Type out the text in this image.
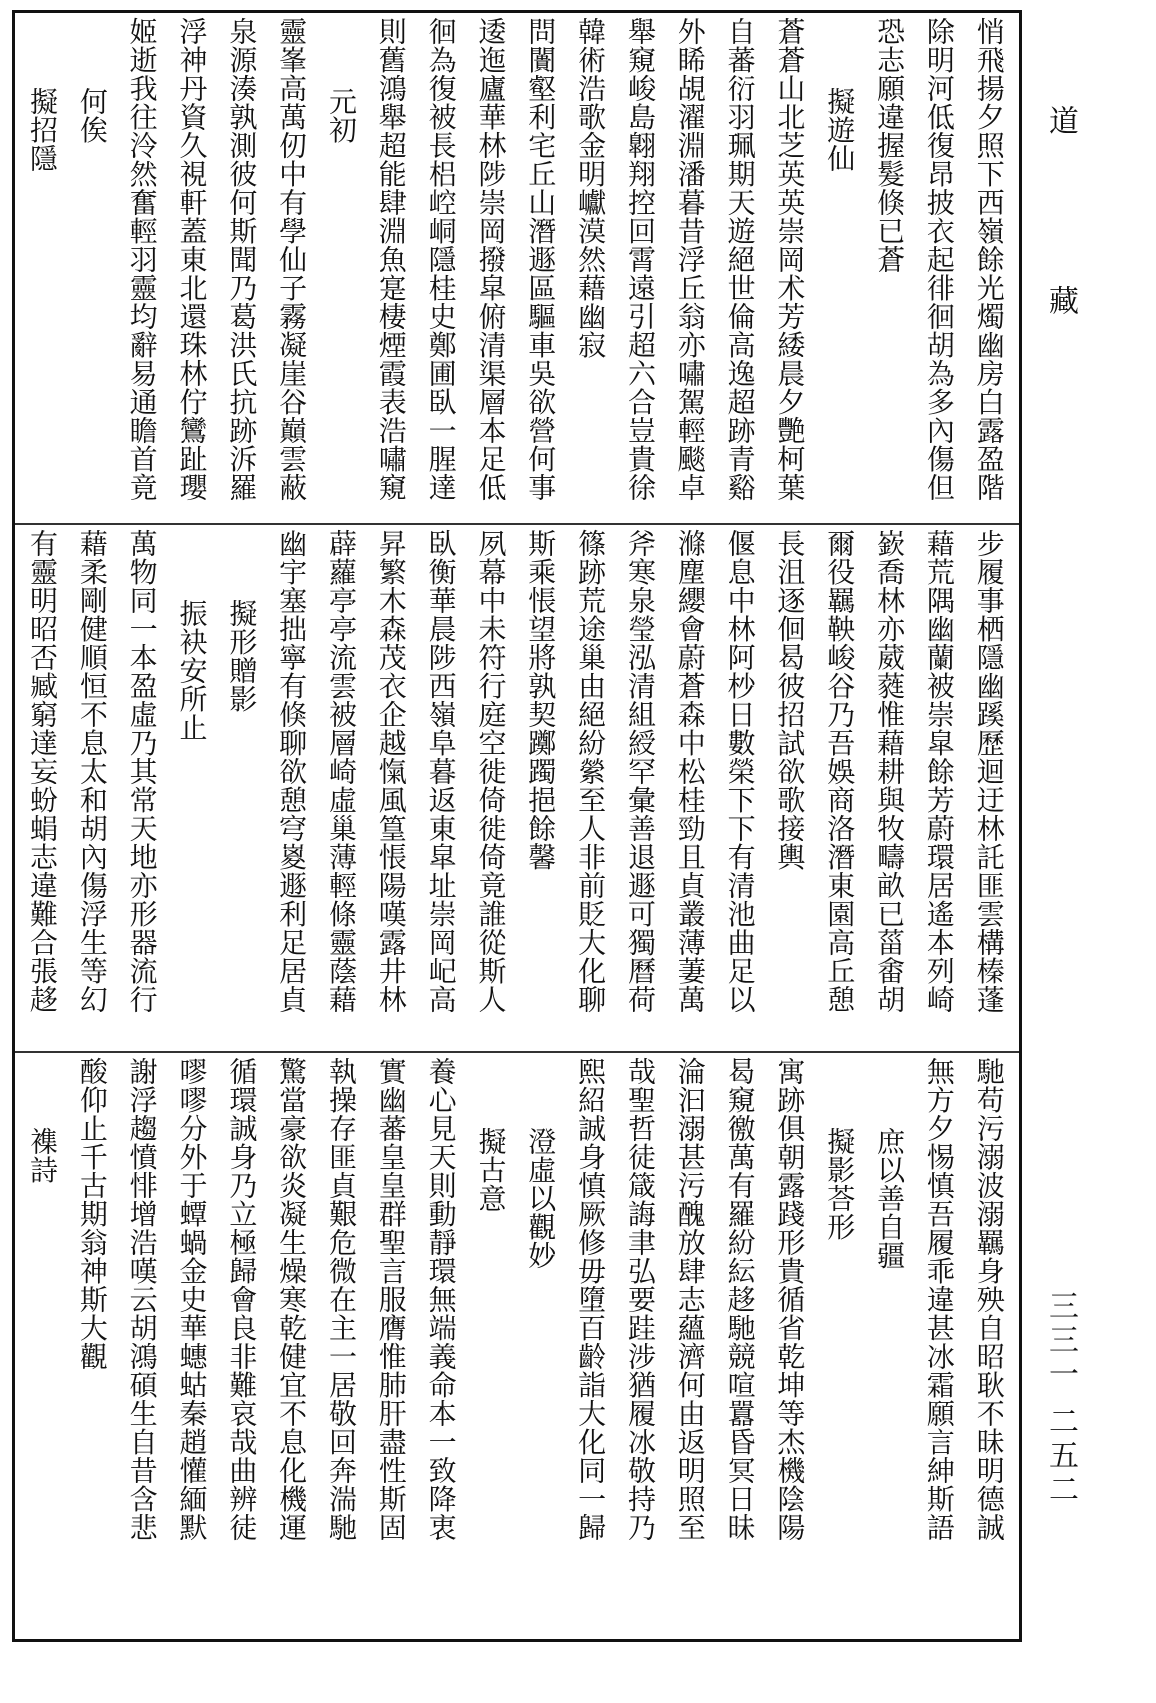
悄飛揚夕照下西嶺餘光燭幽房白露盈階
除明河低復昂披衣起徘徊胡為多內傷但
恐志願違握髮倏已蒼
擬遊仙
蒼蒼山北芝英英崇岡术芳緌晨夕艷柯葉
自蕃衍羽珮期天遊絕世倫高逸超跡青谿
外睎覘濯淵潘暮昔浮丘翁亦嘯駕輕颷卓
舉窺峻島翺翔控回霄遠引超六合豈貴徐
韓術浩歌金明巘漠然藉幽寂
問闠壑利宅丘山潛遯區驅車吳欲營何事
逶迤廬華林陟崇岡撥皐俯清渠層本足低
徊為復被長梠崆峒隱桂史鄭圃臥一腥達
則舊鴻舉超能肆淵魚寔棲煙霞表浩嘯窺
元初
靈峯高萬仞中有學仙子霧凝崖谷巔雲蔽
泉源湊孰測彼何斯聞乃葛洪氏抗跡泝羅
浮神丹資久視軒蓋東北還珠林佇鸞趾瓔
姬逝我往泠然奮輕羽靈均辭易通瞻首竟
何俟
擬招隱
步履事栖隱幽蹊歷迴迂林託匪雲構榛蓬
藉荒隅幽蘭被崇皐餘芳蔚環居遙本列崎
嶔喬林亦葳蕤惟藉耕與牧疇畝已菑畬胡
爾役羈鞅峻谷乃吾娛商洛潛東園高丘憩
長沮逐佪曷彼招試欲歌接輿
偃息中林阿杪日數榮下下有清池曲足以
滌塵纓會蔚蒼森中松桂勁且貞叢薄萋萬
斧寒泉瑩泓清組綬罕彙善退遯可獨曆荷
篠跡荒途巢由絕紛縈至人非前貶大化聊
斯乘悵望將孰契躑躅挹餘馨
夙幕中未符行庭空徙倚徙倚竟誰從斯人
臥衡華晨陟西嶺阜暮返東皐址崇岡屺高
昇繁木森茂衣企越愾風篁悵陽嘆露井林
薜蘿亭亭流雲被層崎虛巢薄輕條靈蔭藉
幽宇塞拙寧有倏聊欲憩穹嵏遯利足居貞
擬形贈影
振袂安所止
萬物同一本盈虛乃其常天地亦形器流行
藉柔剛健順恒不息太和胡內傷浮生等幻
有靈明昭否臧窮達妄蚡蜎志違難合張趍
馳苟污溺波溺羈身殃自昭耿不昧明德誠
無方夕惕慎吾履乖違甚冰霜願言紳斯語
庶以善自疆
擬影荅形
寓跡俱朝露踐形貴循省乾坤等杰機陰陽
曷窺徼萬有羅紛紜趍馳競喧囂昏冥日昧
淪汩溺甚污醜放肆志蘊濟何由返明照至
哉聖哲徒箴誨聿弘要跬涉猶履冰敬持乃
熙紹誠身慎厥修毋墮百齡詣大化同一歸
澄虛以觀妙
擬古意
養心見天則動靜環無端義命本一致降衷
實幽蕃皇皇群聖言服膺惟肺肝盡性斯固
執操存匪貞艱危微在主一居敬回奔湍馳
驚當豪欲炎凝生燥寒乾健宜不息化機運
循環誠身乃立極歸會良非難哀哉曲辨徒
嘐嘐分外于蟫蝸金史華蟪蛄秦趙懽緬默
謝浮趨憤悱增浩嘆云胡鴻碩生自昔含悲
酸仰止千古期翁神斯大觀
襍詩
道
藏
三三一 二五二
